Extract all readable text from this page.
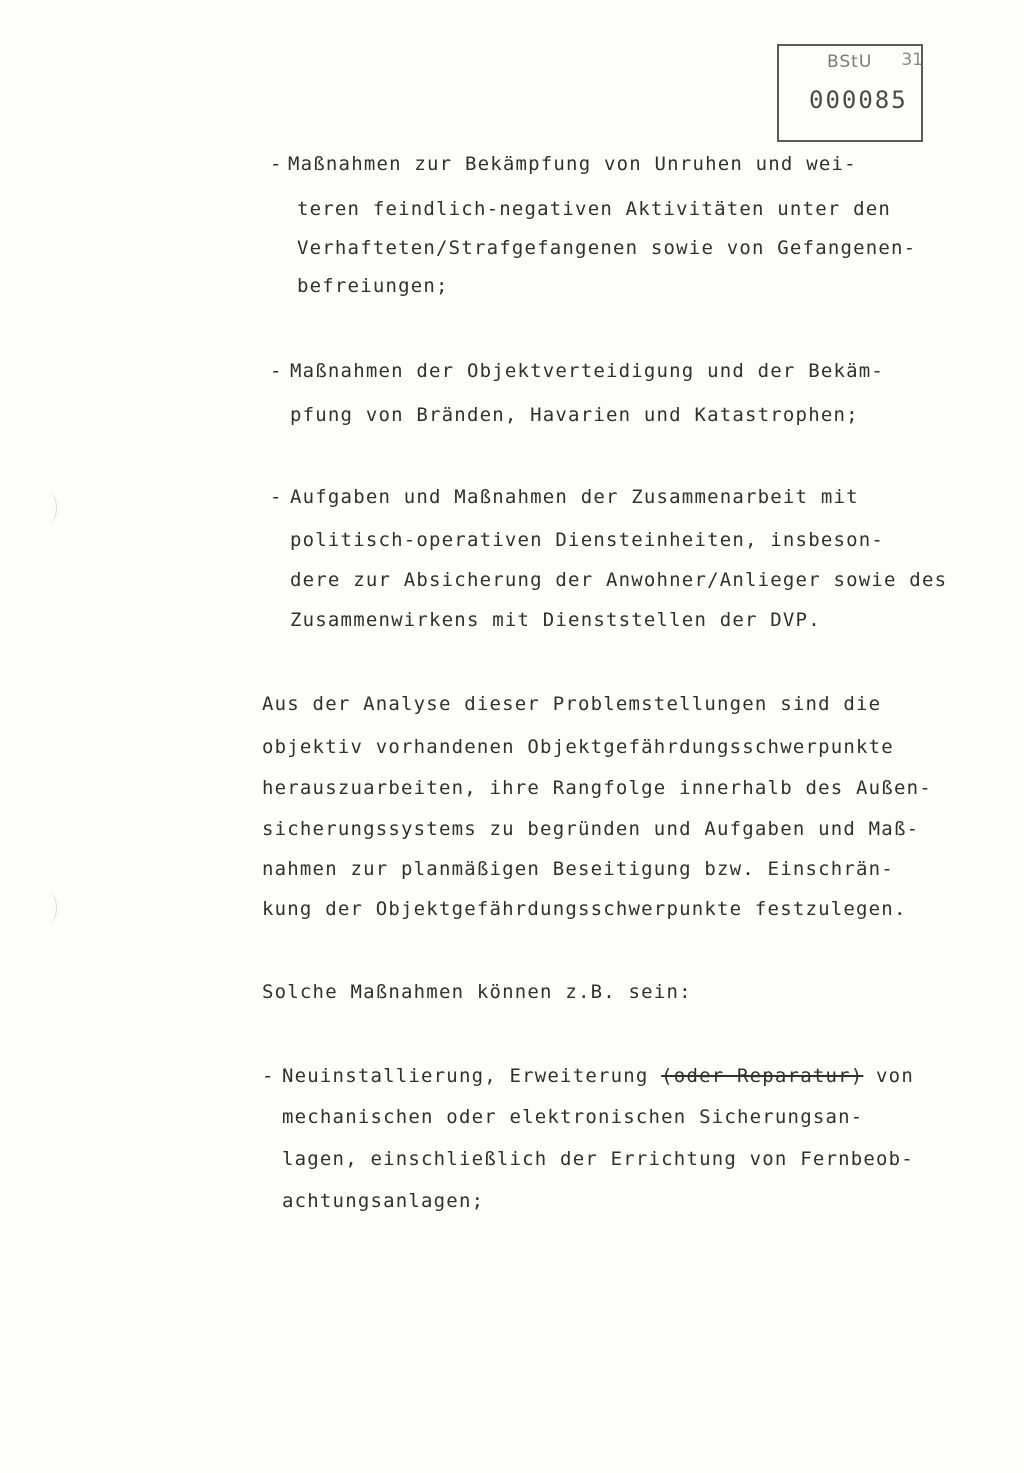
BStU 31
000085
- Maßnahmen zur Bekämpfung von Unruhen und wei-
teren feindlich-negativen Aktivitäten unter den
Verhafteten/Strafgefangenen sowie von Gefangenen-
befreiungen;
- Maßnahmen der Objektverteidigung und der Bekäm-
pfung von Bränden, Havarien und Katastrophen;
- Aufgaben und Maßnahmen der Zusammenarbeit mit
politisch-operativen Diensteinheiten, insbeson-
dere zur Absicherung der Anwohner/Anlieger sowie des
Zusammenwirkens mit Dienststellen der DVP.
Aus der Analyse dieser Problemstellungen sind die
objektiv vorhandenen Objektgefährdungsschwerpunkte
herauszuarbeiten, ihre Rangfolge innerhalb des Außen-
sicherungssystems zu begründen und Aufgaben und Maß-
nahmen zur planmäßigen Beseitigung bzw. Einschrän-
kung der Objektgefährdungsschwerpunkte festzulegen.
Solche Maßnahmen können z.B. sein:
- Neuinstallierung, Erweiterung (oder Reparatur) von
mechanischen oder elektronischen Sicherungsan-
lagen, einschließlich der Errichtung von Fernbeob-
achtungsanlagen;
